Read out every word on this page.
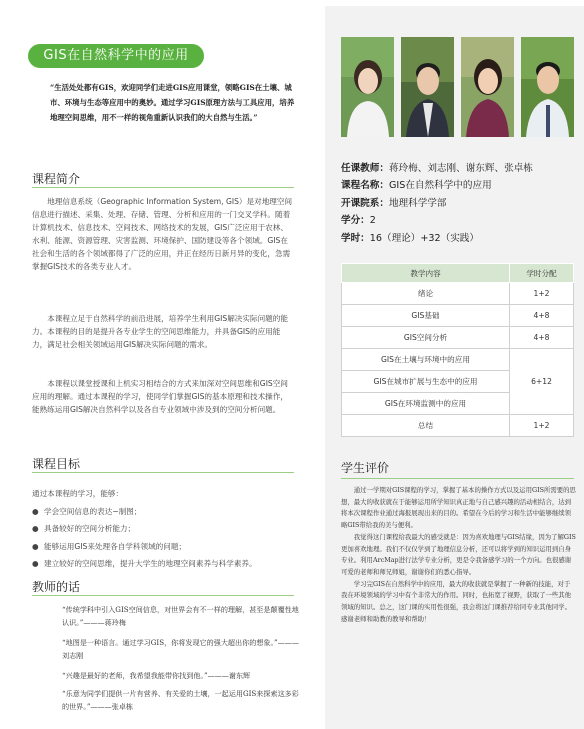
GIS在自然科学中的应用
“生活处处都有GIS，欢迎同学们走进GIS应用课堂，领略GIS在土壤、城市、环境与生态等应用中的奥妙。通过学习GIS原理方法与工具应用，培养地理空间思维，用不一样的视角重新认识我们的大自然与生活。”
课程简介
地理信息系统（Geographic Information System, GIS）是对地理空间信息进行描述、采集、处理、存储、管理、分析和应用的一门交叉学科。随着计算机技术、信息技术、空间技术、网络技术的发展，GIS广泛应用于农林、水利、能源、资源管理、灾害监测、环境保护、国防建设等各个领域。GIS在社会和生活的各个领域都得了广泛的应用，并正在经历日新月异的变化，急需掌握GIS技术的各类专业人才。
本课程立足于自然科学的前沿进展，培养学生利用GIS解决实际问题的能力。本课程的目的是提升各专业学生的空间思维能力，并具备GIS的应用能力，满足社会相关领域运用GIS解决实际问题的需求。
本课程以课堂授课和上机实习相结合的方式来加深对空间思维和GIS空间应用的理解。通过本课程的学习，使同学们掌握GIS的基本原理和技术操作，能熟练运用GIS解决自然科学以及各自专业领域中涉及到的空间分析问题。
课程目标
通过本课程的学习，能够：
● 学会空间信息的表达−制图；
● 具备较好的空间分析能力；
● 能够运用GIS来处理各自学科领域的问题；
● 建立较好的空间思维，提升大学生的地理空间素养与科学素养。
教师的话
“传统学科中引入GIS空间信息，对世界会有不一样的理解，甚至是颠覆性地认识。”———蒋玲梅
“地图是一种语言。通过学习GIS，你将发现它的强大超出你的想象。”———刘志刚
“兴趣是最好的老师，我希望我能带你找到他。”———谢东辉
“乐意为同学们提供一片有营养、有关爱的土壤，一起运用GIS来探索这多彩的世界。”———张卓栋
任课教师：蒋玲梅、刘志刚、谢东辉、张卓栋
课程名称：GIS在自然科学中的应用
开课院系：地理科学学部
学分：2
学时：16（理论）+32（实践）
教学内容	学时分配
绪论	1+2
GIS基础	4+8
GIS空间分析	4+8
GIS在土壤与环境中的应用	6+12
GIS在城市扩展与生态中的应用	
GIS在环境监测中的应用	
总结	1+2
学生评价
通过一学期对GIS课程的学习，掌握了基本的操作方式以及运用GIS所需要的思想，最大的收获就在于能够运用所学知识真正地与自己感兴趣的活动相结合，达到将本次课程作业通过海报展现出来的目的。希望在今后的学习和生活中能够继续领略GIS带给我的美与便利。
我觉得这门课程给我最大的感受就是：因为喜欢地理与GIS结缘，因为了解GIS更加喜欢地理。我们不仅仅学到了地理信息分析，还可以将学到的知识运用到自身专业。利用ArcMap进行法学专业分析，更是令我备感学习的一个方向。也很感谢可爱的老师和师兄师姐，谢谢你们的悉心指导。
学习完GIS在自然科学中的应用，最大的收获就是掌握了一种新的技能，对于我在环境领域的学习中有个非常大的作用。同时，也拓宽了视野，获取了一些其他领域的知识。总之，这门课的实用性很强，我会将这门课推荐给同专业其他同学。感谢老师和助教的教导和帮助！
